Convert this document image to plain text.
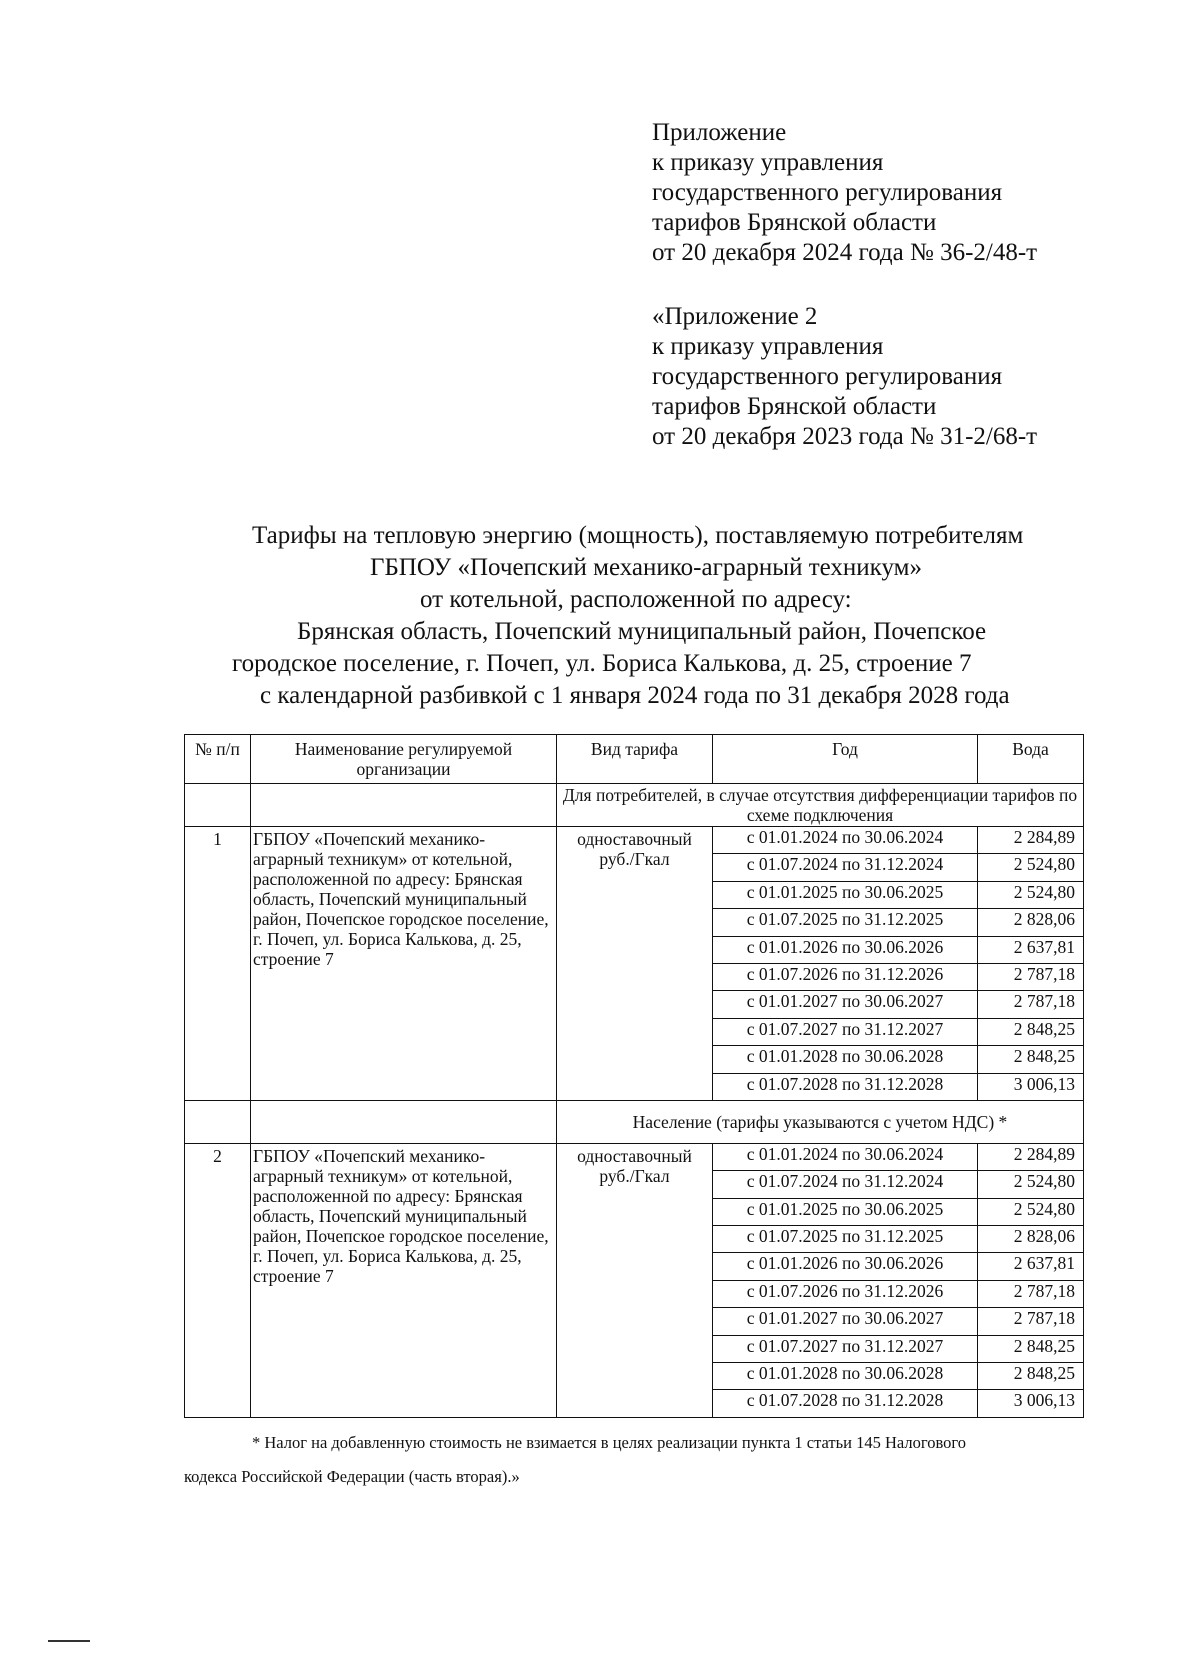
Приложение
к приказу управления
государственного регулирования
тарифов Брянской области
от 20 декабря 2024 года № 36-2/48-т
«Приложение 2
к приказу управления
государственного регулирования
тарифов Брянской области
от 20 декабря 2023 года № 31-2/68-т
Тарифы на тепловую энергию (мощность), поставляемую потребителям
ГБПОУ «Почепский механико-аграрный техникум»
от котельной, расположенной по адресу:
Брянская область, Почепский муниципальный район, Почепское
городское поселение, г. Почеп, ул. Бориса Калькова, д. 25, строение 7
с календарной разбивкой с 1 января 2024 года по 31 декабря 2028 года
№ п/п	Наименование регулируемой организации	Вид тарифа	Год	Вода
		Для потребителей, в случае отсутствия дифференциации тарифов по схеме подключения		
1	ГБПОУ «Почепский механико-аграрный техникум» от котельной, расположенной по адресу: Брянская область, Почепский муниципальный район, Почепское городское поселение, г. Почеп, ул. Бориса Калькова, д. 25, строение 7	одноставочный руб./Гкал	с 01.01.2024 по 30.06.2024	2 284,89
			с 01.07.2024 по 31.12.2024	2 524,80
			с 01.01.2025 по 30.06.2025	2 524,80
			с 01.07.2025 по 31.12.2025	2 828,06
			с 01.01.2026 по 30.06.2026	2 637,81
			с 01.07.2026 по 31.12.2026	2 787,18
			с 01.01.2027 по 30.06.2027	2 787,18
			с 01.07.2027 по 31.12.2027	2 848,25
			с 01.01.2028 по 30.06.2028	2 848,25
			с 01.07.2028 по 31.12.2028	3 006,13
		Население (тарифы указываются с учетом НДС) *		
2	ГБПОУ «Почепский механико-аграрный техникум» от котельной, расположенной по адресу: Брянская область, Почепский муниципальный район, Почепское городское поселение, г. Почеп, ул. Бориса Калькова, д. 25, строение 7	одноставочный руб./Гкал	с 01.01.2024 по 30.06.2024	2 284,89
			с 01.07.2024 по 31.12.2024	2 524,80
			с 01.01.2025 по 30.06.2025	2 524,80
			с 01.07.2025 по 31.12.2025	2 828,06
			с 01.01.2026 по 30.06.2026	2 637,81
			с 01.07.2026 по 31.12.2026	2 787,18
			с 01.01.2027 по 30.06.2027	2 787,18
			с 01.07.2027 по 31.12.2027	2 848,25
			с 01.01.2028 по 30.06.2028	2 848,25
			с 01.07.2028 по 31.12.2028	3 006,13

* Налог на добавленную стоимость не взимается в целях реализации пункта 1 статьи 145 Налогового

кодекса Российской Федерации (часть вторая).»
